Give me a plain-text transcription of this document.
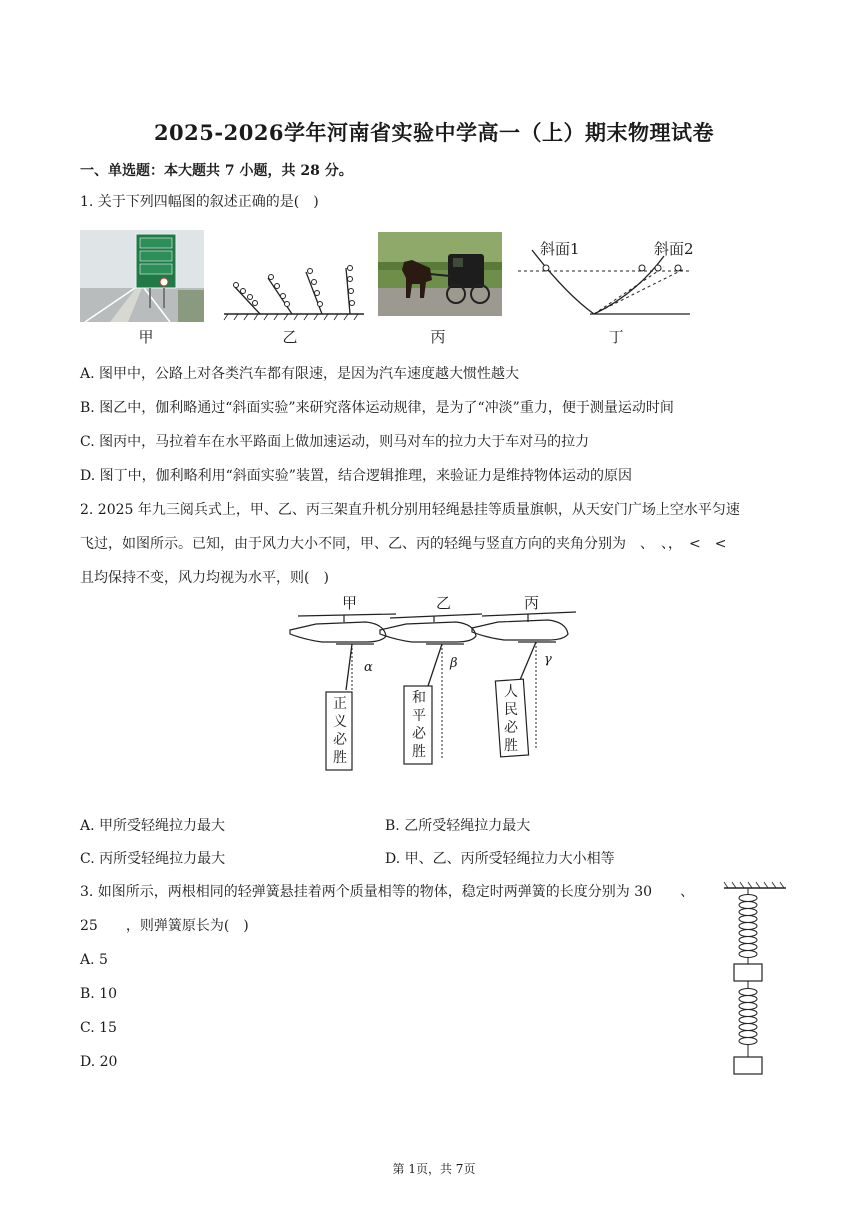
2025-2026学年河南省实验中学高一（上）期末物理试卷
一、单选题：本大题共 7 小题，共 28 分。
1. 关于下列四幅图的叙述正确的是(　)
甲	乙	丙
斜面1	斜面2
丁
A. 图甲中，公路上对各类汽车都有限速，是因为汽车速度越大惯性越大
B. 图乙中，伽利略通过“斜面实验”来研究落体运动规律，是为了“冲淡”重力，便于测量运动时间
C. 图丙中，马拉着车在水平路面上做加速运动，则马对车的拉力大于车对马的拉力
D. 图丁中，伽利略利用“斜面实验”装置，结合逻辑推理，来验证力是维持物体运动的原因
2. 2025 年九三阅兵式上，甲、乙、丙三架直升机分别用轻绳悬挂等质量旗帜，从天安门广场上空水平匀速
飞过，如图所示。已知，由于风力大小不同，甲、乙、丙的轻绳与竖直方向的夹角分别为　、　、，　<　<
且均保持不变，风力均视为水平，则(　)
甲	乙	丙
α	β	γ
正
义
必
胜
和
平
必
胜
人
民
必
胜
A. 甲所受轻绳拉力最大	B. 乙所受轻绳拉力最大
C. 丙所受轻绳拉力最大	D. 甲、乙、丙所受轻绳拉力大小相等
3. 如图所示，两根相同的轻弹簧悬挂着两个质量相等的物体，稳定时两弹簧的长度分别为 30　　、
25　　，则弹簧原长为(　)
A. 5
B. 10
C. 15
D. 20
第 1页，共 7页
